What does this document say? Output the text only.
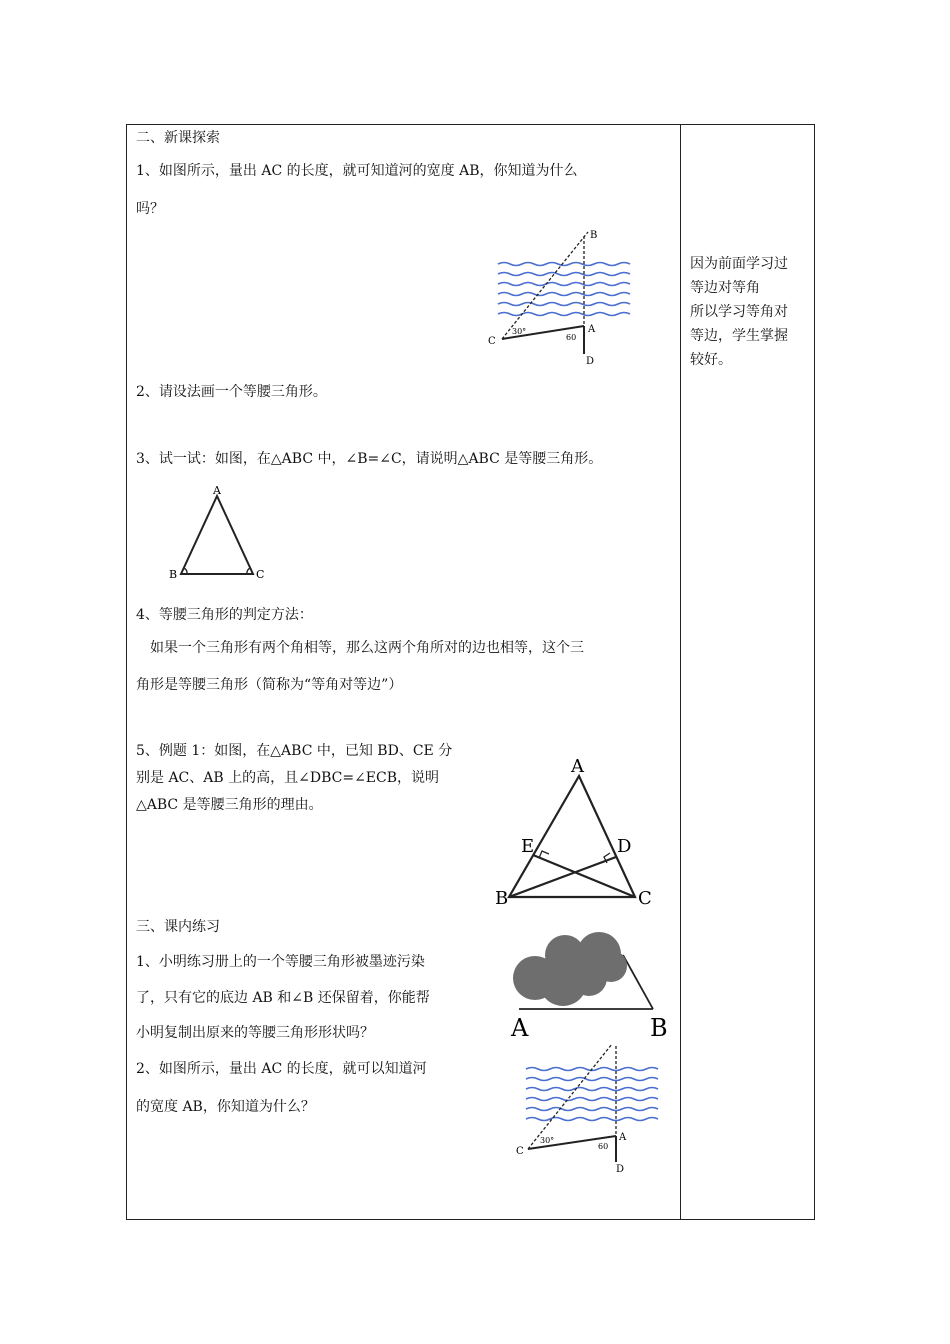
二、新课探索
1、如图所示，量出 AC 的长度，就可知道河的宽度 AB，你知道为什么
吗？
B
A
C
D
30°
60
2、请设法画一个等腰三角形。
3、试一试：如图，在△ABC 中，∠B=∠C，请说明△ABC 是等腰三角形。
A
B	C
4、等腰三角形的判定方法：
如果一个三角形有两个角相等，那么这两个角所对的边也相等，这个三
角形是等腰三角形（简称为“等角对等边”）
5、例题 1：如图，在△ABC 中，已知 BD、CE 分
别是 AC、AB 上的高，且∠DBC=∠ECB，说明
△ABC 是等腰三角形的理由。
A
B	C
D
E
三、课内练习
1、小明练习册上的一个等腰三角形被墨迹污染
了，只有它的底边 AB 和∠B 还保留着，你能帮
小明复制出原来的等腰三角形形状吗？	A	B
2、如图所示，量出 AC 的长度，就可以知道河
的宽度 AB，你知道为什么？
A
C
D
30°
60
因为前面学习过
等边对等角
所以学习等角对
等边，学生掌握
较好。
